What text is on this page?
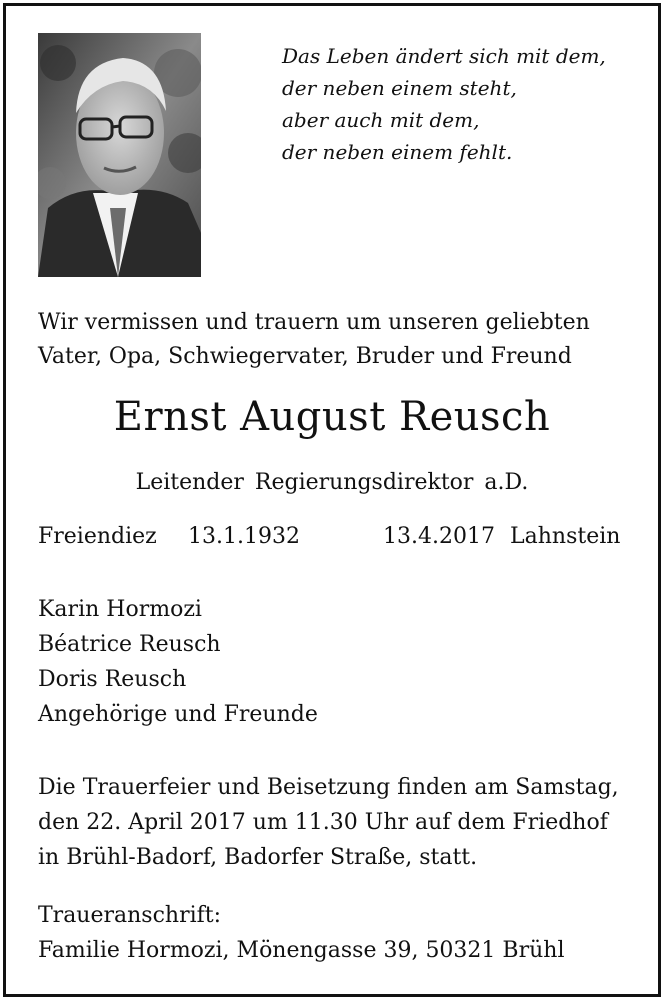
Das Leben ändert sich mit dem,
der neben einem steht,
aber auch mit dem,
der neben einem fehlt.
Wir vermissen und trauern um unseren geliebten
Vater, Opa, Schwiegervater, Bruder und Freund
Ernst August Reusch
Leitender Regierungsdirektor a.D.
Freiendiez 13.1.1932	13.4.2017 Lahnstein
Karin Hormozi
Béatrice Reusch
Doris Reusch
Angehörige und Freunde
Die Trauerfeier und Beisetzung finden am Samstag,
den 22. April 2017 um 11.30 Uhr auf dem Friedhof
in Brühl-Badorf, Badorfer Straße, statt.
Traueranschrift:
Familie Hormozi, Mönengasse 39, 50321 Brühl
